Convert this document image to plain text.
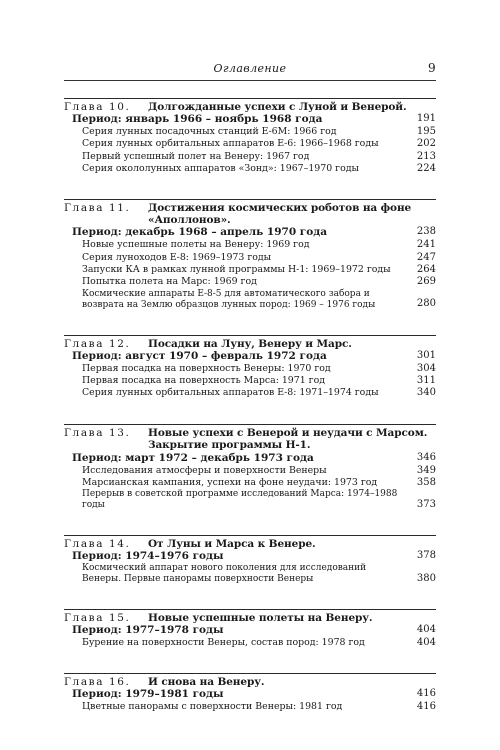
Оглавление	9
Глава 10.	Долгожданные успехи с Луной и Венерой.
Период: январь 1966 – ноябрь 1968 года	191
Серия лунных посадочных станций Е-6М: 1966 год	195
Серия лунных орбитальных аппаратов Е-6: 1966–1968 годы	202
Первый успешный полет на Венеру: 1967 год	213
Серия окололунных аппаратов «Зонд»: 1967–1970 годы	224
Глава 11.	Достижения космических роботов на фоне «Аполлонов».
Период: декабрь 1968 – апрель 1970 года	238
Новые успешные полеты на Венеру: 1969 год	241
Серия луноходов Е-8: 1969–1973 годы	247
Запуски КА в рамках лунной программы Н-1: 1969–1972 годы	264
Попытка полета на Марс: 1969 год	269
Космические аппараты Е-8-5 для автоматического забора и возврата на Землю образцов лунных пород: 1969 – 1976 годы	280
Глава 12.	Посадки на Луну, Венеру и Марс.
Период: август 1970 – февраль 1972 года	301
Первая посадка на поверхность Венеры: 1970 год	304
Первая посадка на поверхность Марса: 1971 год	311
Серия лунных орбитальных аппаратов Е-8: 1971–1974 годы	340
Глава 13.	Новые успехи с Венерой и неудачи с Марсом. Закрытие программы Н-1.
Период: март 1972 – декабрь 1973 года	346
Исследования атмосферы и поверхности Венеры	349
Марсианская кампания, успехи на фоне неудачи: 1973 год	358
Перерыв в советской программе исследований Марса: 1974–1988 годы	373
Глава 14.	От Луны и Марса к Венере.
Период: 1974–1976 годы	378
Космический аппарат нового поколения для исследований Венеры. Первые панорамы поверхности Венеры	380
Глава 15.	Новые успешные полеты на Венеру.
Период: 1977–1978 годы	404
Бурение на поверхности Венеры, состав пород: 1978 год	404
Глава 16.	И снова на Венеру.
Период: 1979–1981 годы	416
Цветные панорамы с поверхности Венеры: 1981 год	416
